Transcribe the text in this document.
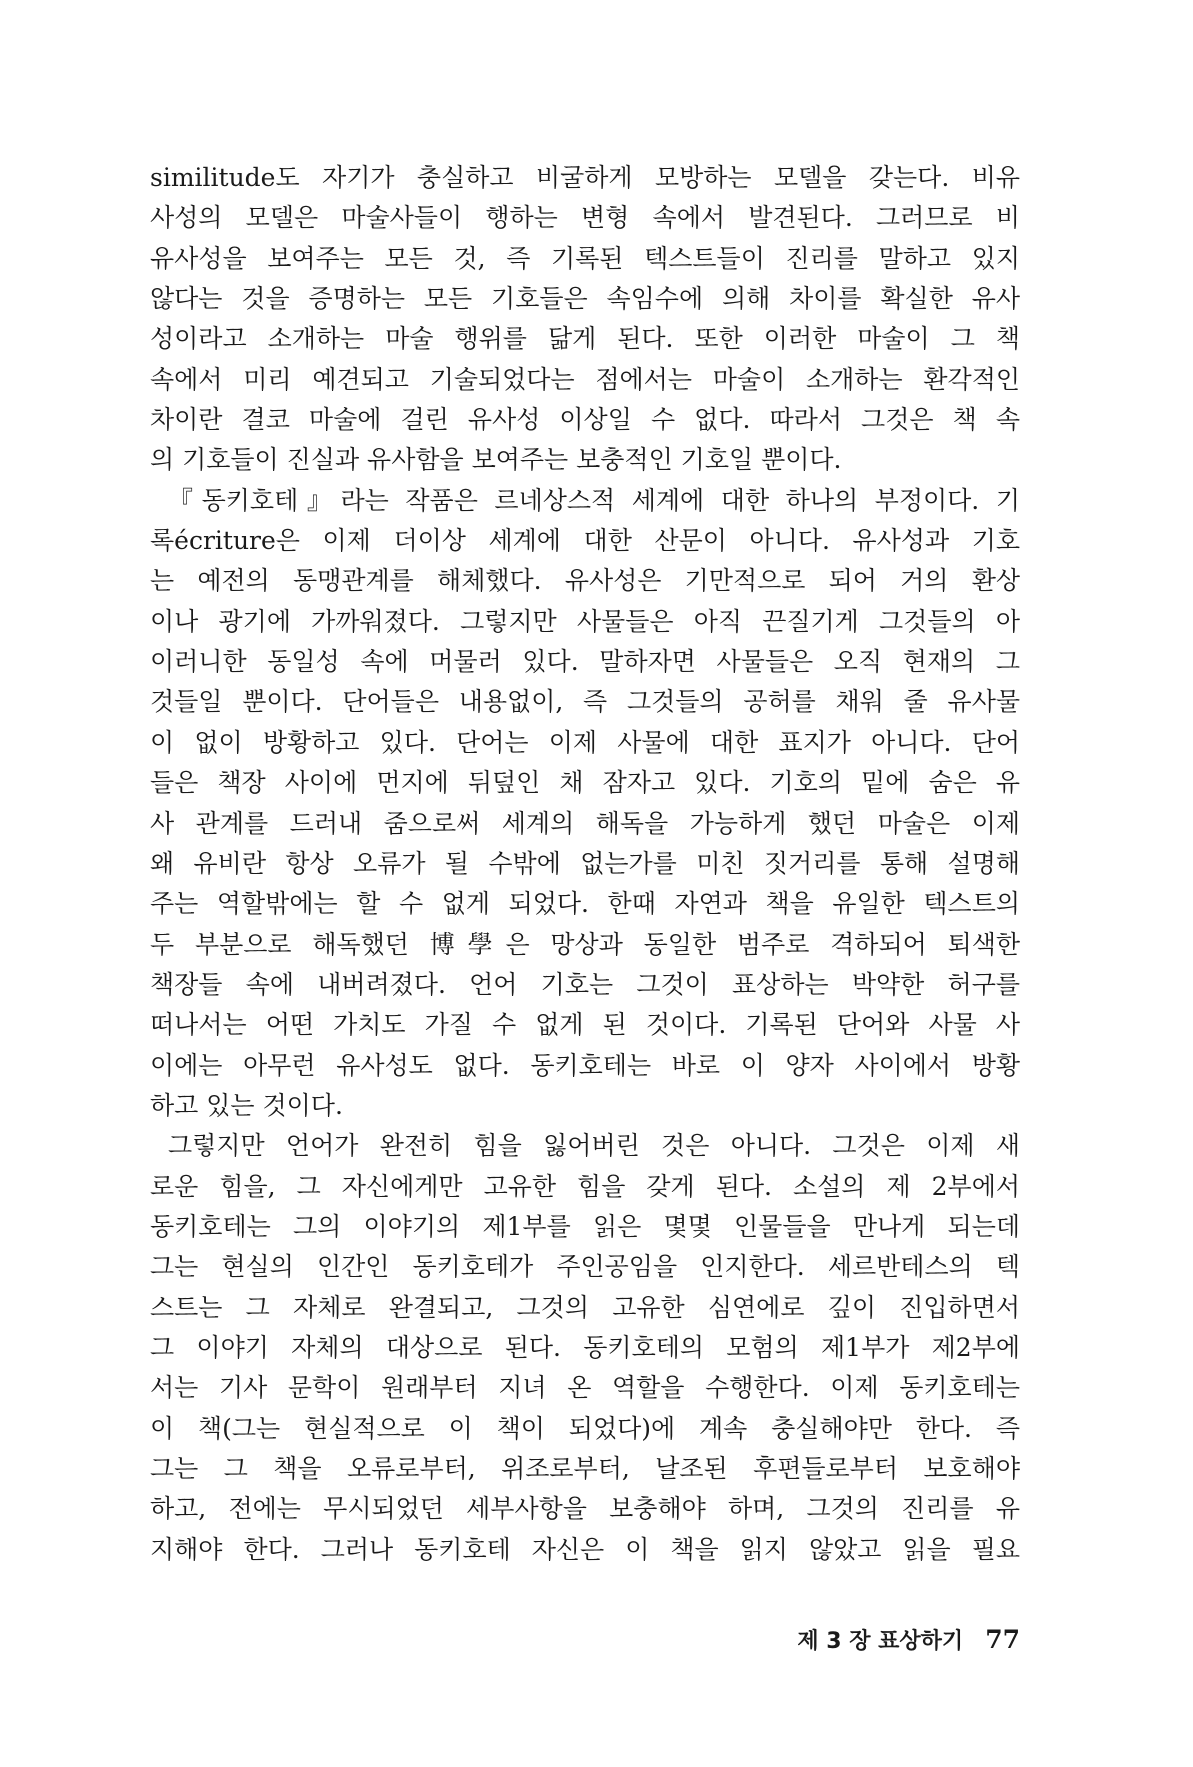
similitude도 자기가 충실하고 비굴하게 모방하는 모델을 갖는다. 비유
사성의 모델은 마술사들이 행하는 변형 속에서 발견된다. 그러므로 비
유사성을 보여주는 모든 것, 즉 기록된 텍스트들이 진리를 말하고 있지
않다는 것을 증명하는 모든 기호들은 속임수에 의해 차이를 확실한 유사
성이라고 소개하는 마술 행위를 닮게 된다. 또한 이러한 마술이 그 책
속에서 미리 예견되고 기술되었다는 점에서는 마술이 소개하는 환각적인
차이란 결코 마술에 걸린 유사성 이상일 수 없다. 따라서 그것은 책 속
의 기호들이 진실과 유사함을 보여주는 보충적인 기호일 뿐이다.
『동키호테』라는 작품은 르네상스적 세계에 대한 하나의 부정이다. 기
록écriture은 이제 더이상 세계에 대한 산문이 아니다. 유사성과 기호
는 예전의 동맹관계를 해체했다. 유사성은 기만적으로 되어 거의 환상
이나 광기에 가까워졌다. 그렇지만 사물들은 아직 끈질기게 그것들의 아
이러니한 동일성 속에 머물러 있다. 말하자면 사물들은 오직 현재의 그
것들일 뿐이다. 단어들은 내용없이, 즉 그것들의 공허를 채워 줄 유사물
이 없이 방황하고 있다. 단어는 이제 사물에 대한 표지가 아니다. 단어
들은 책장 사이에 먼지에 뒤덮인 채 잠자고 있다. 기호의 밑에 숨은 유
사 관계를 드러내 줌으로써 세계의 해독을 가능하게 했던 마술은 이제
왜 유비란 항상 오류가 될 수밖에 없는가를 미친 짓거리를 통해 설명해
주는 역할밖에는 할 수 없게 되었다. 한때 자연과 책을 유일한 텍스트의
두 부분으로 해독했던 博學은 망상과 동일한 범주로 격하되어 퇴색한
책장들 속에 내버려졌다. 언어 기호는 그것이 표상하는 박약한 허구를
떠나서는 어떤 가치도 가질 수 없게 된 것이다. 기록된 단어와 사물 사
이에는 아무런 유사성도 없다. 동키호테는 바로 이 양자 사이에서 방황
하고 있는 것이다.
그렇지만 언어가 완전히 힘을 잃어버린 것은 아니다. 그것은 이제 새
로운 힘을, 그 자신에게만 고유한 힘을 갖게 된다. 소설의 제 2부에서
동키호테는 그의 이야기의 제1부를 읽은 몇몇 인물들을 만나게 되는데
그는 현실의 인간인 동키호테가 주인공임을 인지한다. 세르반테스의 텍
스트는 그 자체로 완결되고, 그것의 고유한 심연에로 깊이 진입하면서
그 이야기 자체의 대상으로 된다. 동키호테의 모험의 제1부가 제2부에
서는 기사 문학이 원래부터 지녀 온 역할을 수행한다. 이제 동키호테는
이 책(그는 현실적으로 이 책이 되었다)에 계속 충실해야만 한다. 즉
그는 그 책을 오류로부터, 위조로부터, 날조된 후편들로부터 보호해야
하고, 전에는 무시되었던 세부사항을 보충해야 하며, 그것의 진리를 유
지해야 한다. 그러나 동키호테 자신은 이 책을 읽지 않았고 읽을 필요
제 3 장 표상하기 77
